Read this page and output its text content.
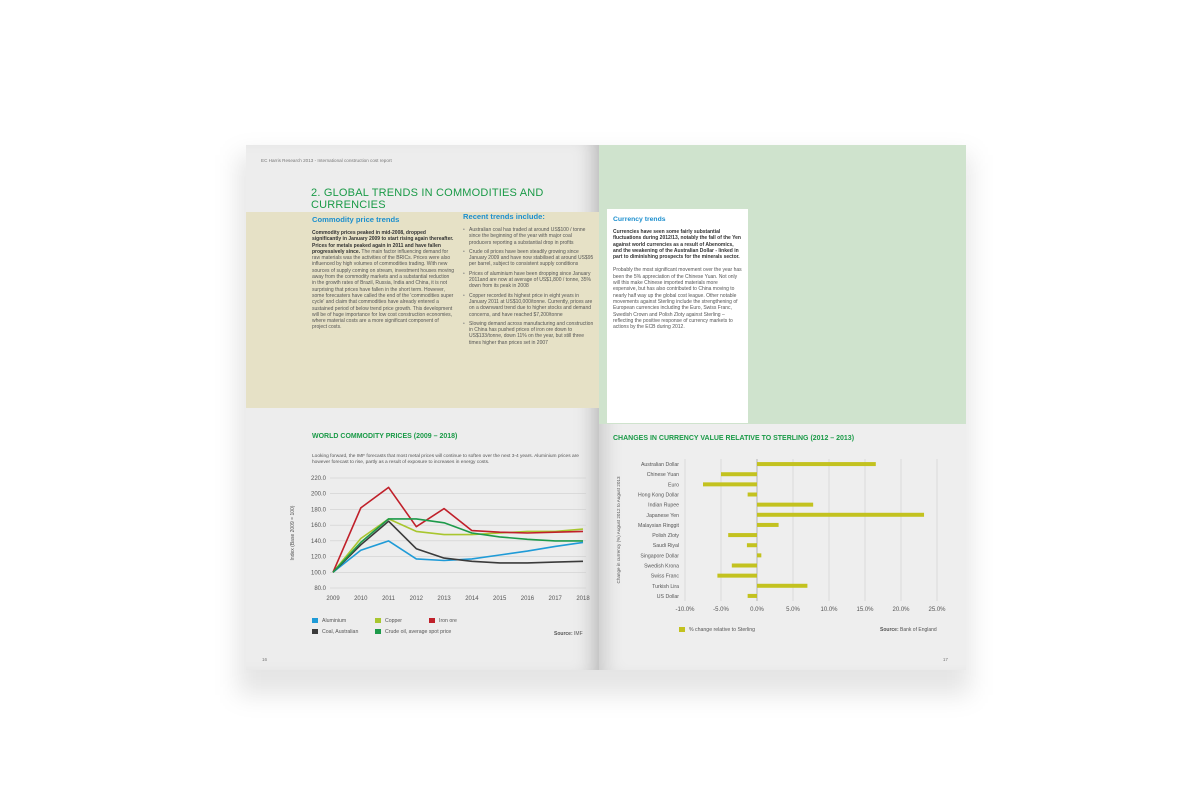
EC Harris Research 2013 - International construction cost report
2. GLOBAL TRENDS IN COMMODITIES AND CURRENCIES
Commodity price trends
Commodity prices peaked in mid-2008, dropped significantly in January 2009 to start rising again thereafter. Prices for metals peaked again in 2011 and have fallen progressively since. The main factor influencing demand for raw materials was the activities of the BRICs. Prices were also influenced by high volumes of commodities trading. With new sources of supply coming on stream, investment houses moving away from the commodity markets and a substantial reduction in the growth rates of Brazil, Russia, India and China, it is not surprising that prices have fallen in the short term. However, some forecasters have called the end of the 'commodities super cycle' and claim that commodities have already entered a sustained period of below trend price growth. This development will be of huge importance for low cost construction economies, where material costs are a more significant component of project costs.
Recent trends include:
• Australian coal has traded at around US$100 / tonne since the beginning of the year with major coal producers reporting a substantial drop in profits
• Crude oil prices have been steadily growing since January 2009 and have now stabilised at around US$95 per barrel, subject to consistent supply conditions
• Prices of aluminium have been dropping since January 2011and are now at average of US$1,800 / tonne, 35% down from its peak in 2008
• Copper recorded its highest price in eight years in January 2011 at US$10,000/tonne. Currently, prices are on a downward trend due to higher stocks and demand concerns, and have reached $7,200/tonne
• Slowing demand across manufacturing and construction in China has pushed prices of iron ore down to US$133/tonne, down 11% on the year, but still three times higher than prices set in 2007
WORLD COMMODITY PRICES (2009 – 2018)
Looking forward, the IMF forecasts that most metal prices will continue to soften over the next 3-4 years. Aluminium prices are however forecast to rise, partly as a result of exposure to increases in energy costs.
80.0
100.0
120.0
140.0
160.0
180.0
200.0
220.0
2009 2010 2011 2012 2013 2014 2015 2016 2017 2018
Index (Base 2009 = 100)
Aluminium	Copper	Iron ore
Coal, Australian	Crude oil, average spot price	Source: IMF
16
Currency trends
Currencies have seen some fairly substantial fluctuations during 2012/13, notably the fall of the Yen against world currencies as a result of Abenomics, and the weakening of the Australian Dollar - linked in part to diminishing prospects for the minerals sector.
Probably the most significant movement over the year has been the 5% appreciation of the Chinese Yuan. Not only will this make Chinese imported materials more expensive, but has also contributed to China moving to nearly half way up the global cost league. Other notable movements against Sterling include the strengthening of European currencies including the Euro, Swiss Franc, Swedish Crown and Polish Zloty against Sterling – reflecting the positive response of currency markets to actions by the ECB during 2012.
CHANGES IN CURRENCY VALUE RELATIVE TO STERLING (2012 – 2013)
-10.0%	-5.0%	0.0%	5.0%	10.0%	15.0%	20.0%	25.0%
Australian Dollar
Chinese Yuan
Euro
Hong Kong Dollar
Indian Rupee
Japanese Yen
Malaysian Ringgit
Polish Zloty
Saudi Riyal
Singapore Dollar
Swedish Krona
Swiss Franc
Turkish Lira
US Dollar
Change in currency (%) August 2012 to August 2013
% change relative to Sterling	Source: Bank of England
17
